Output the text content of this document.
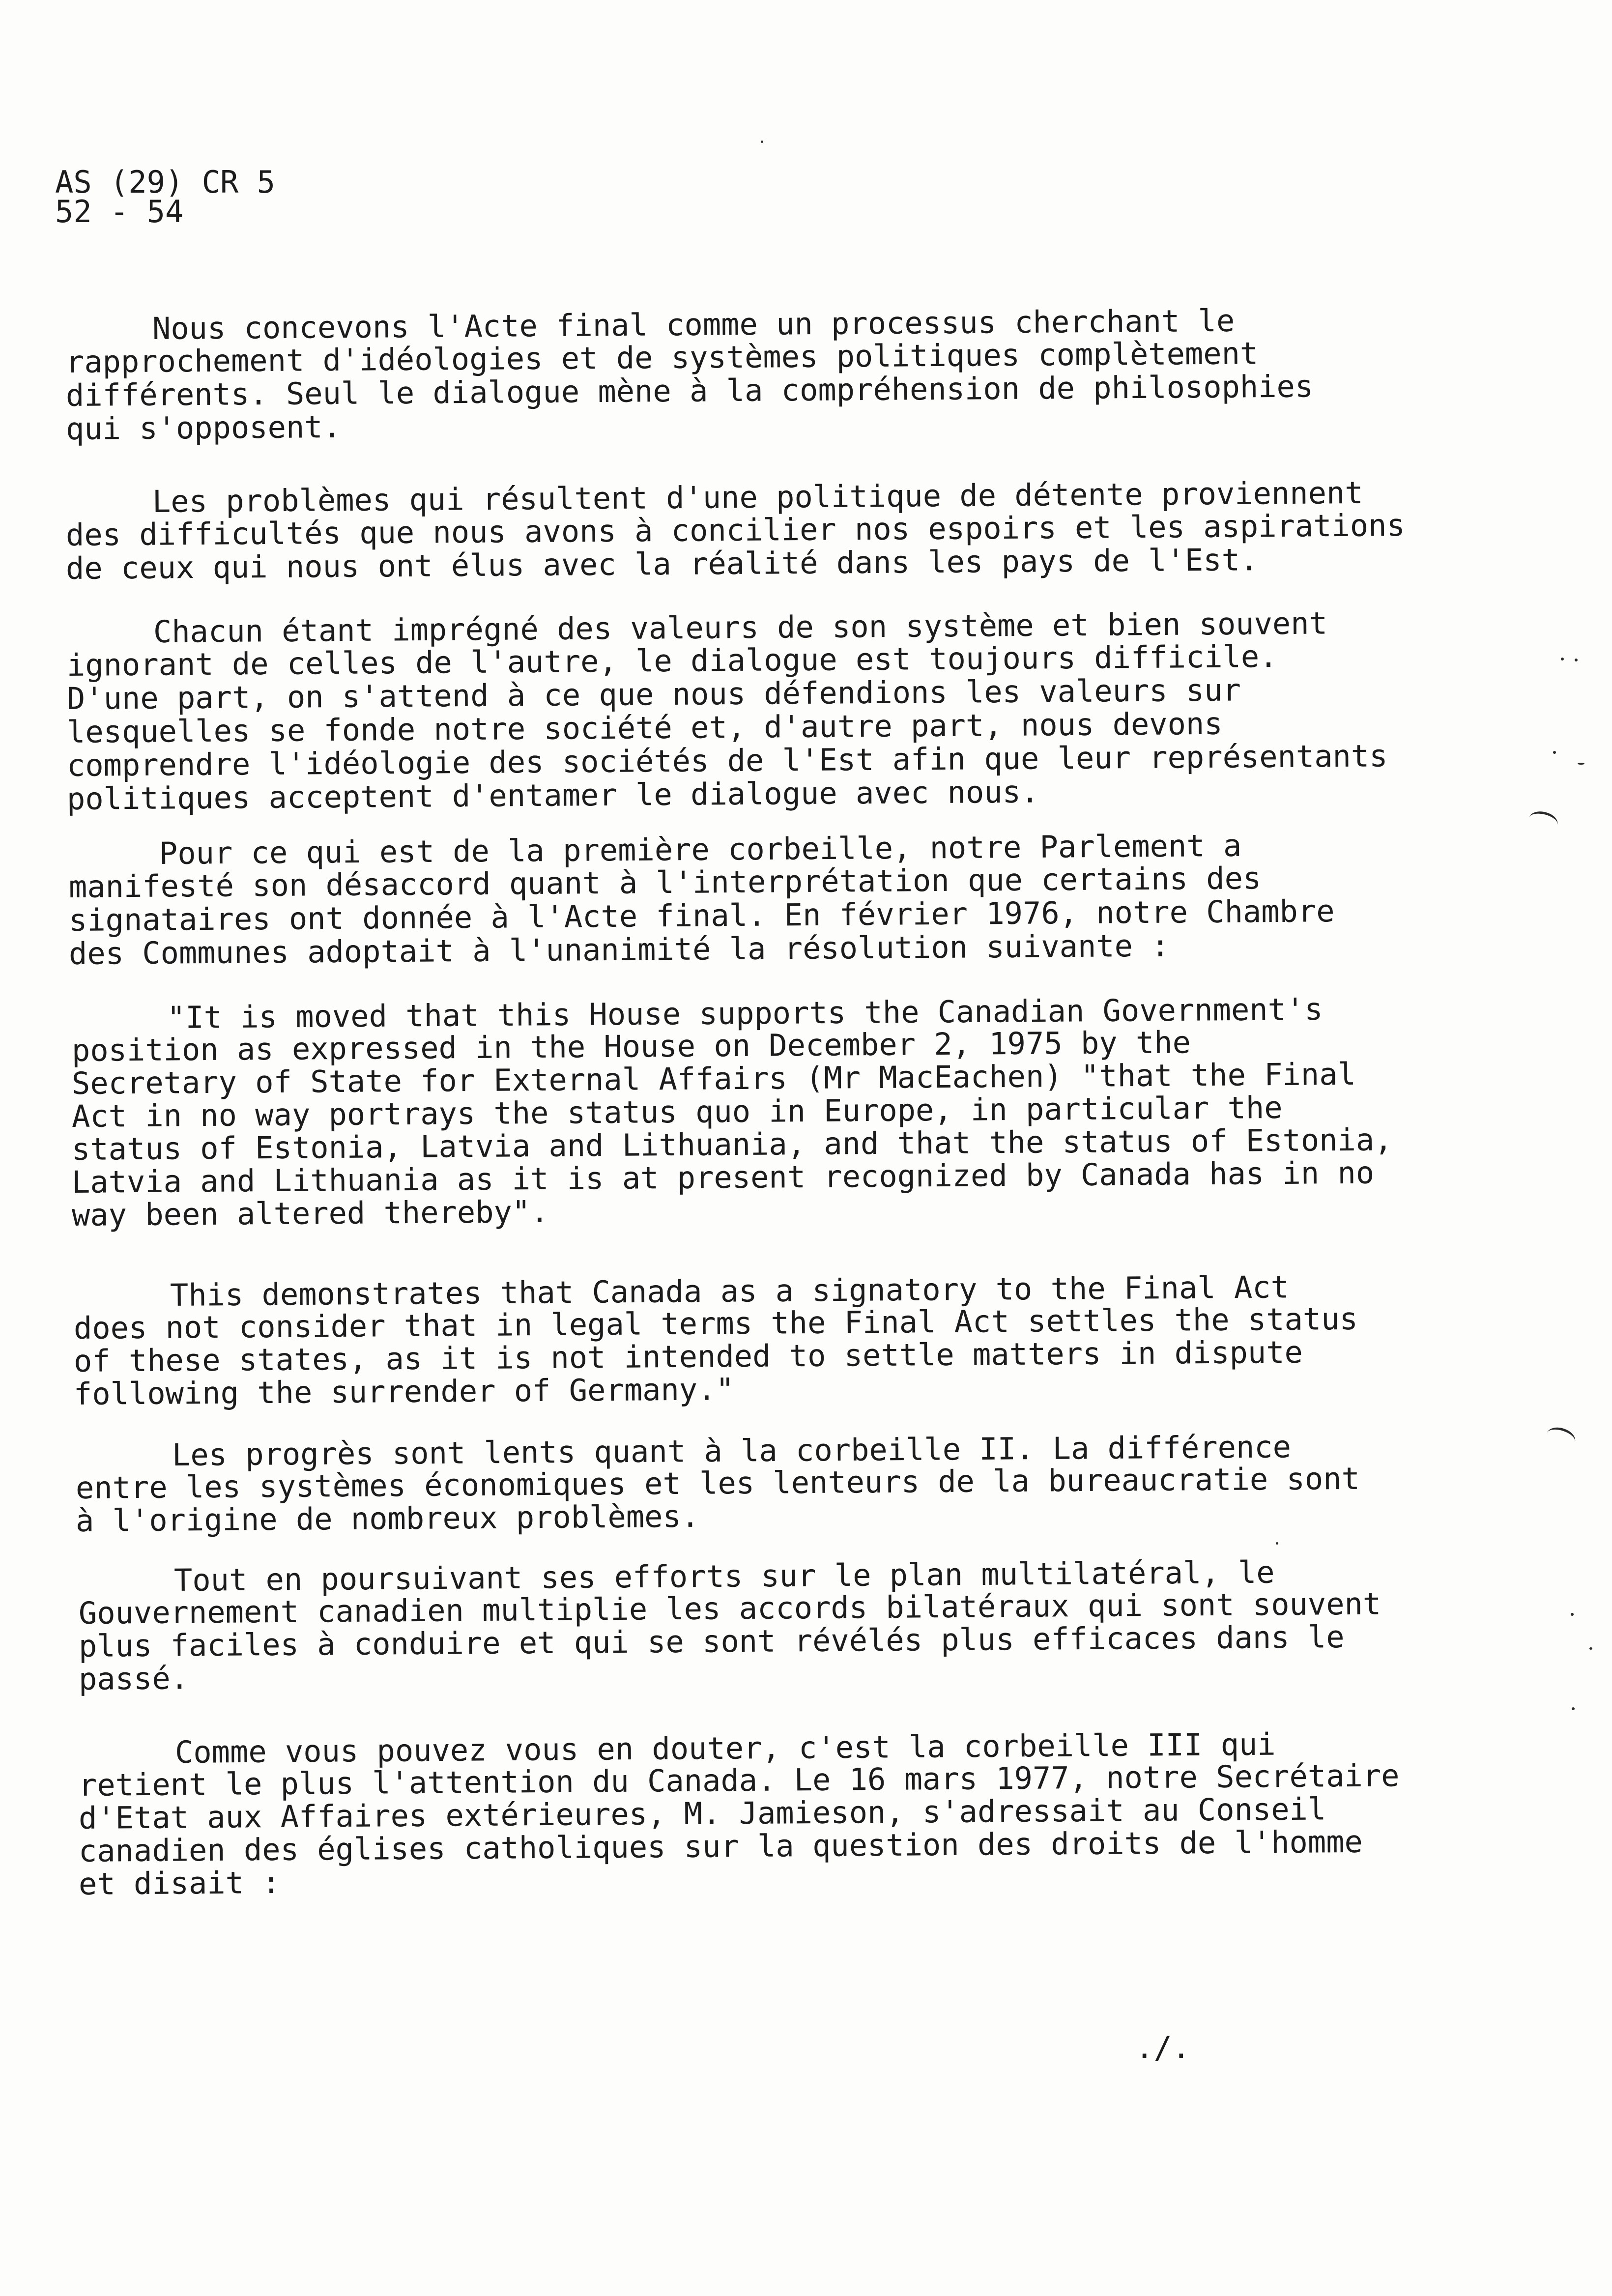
AS (29) CR 5
52 - 54
Nous concevons l'Acte final comme un processus cherchant le
rapprochement d'idéologies et de systèmes politiques complètement
différents. Seul le dialogue mène à la compréhension de philosophies
qui s'opposent.
Les problèmes qui résultent d'une politique de détente proviennent
des difficultés que nous avons à concilier nos espoirs et les aspirations
de ceux qui nous ont élus avec la réalité dans les pays de l'Est.
Chacun étant imprégné des valeurs de son système et bien souvent
ignorant de celles de l'autre, le dialogue est toujours difficile.
D'une part, on s'attend à ce que nous défendions les valeurs sur
lesquelles se fonde notre société et, d'autre part, nous devons
comprendre l'idéologie des sociétés de l'Est afin que leur représentants
politiques acceptent d'entamer le dialogue avec nous.
Pour ce qui est de la première corbeille, notre Parlement a
manifesté son désaccord quant à l'interprétation que certains des
signataires ont donnée à l'Acte final. En février 1976, notre Chambre
des Communes adoptait à l'unanimité la résolution suivante :
"It is moved that this House supports the Canadian Government's
position as expressed in the House on December 2, 1975 by the
Secretary of State for External Affairs (Mr MacEachen) "that the Final
Act in no way portrays the status quo in Europe, in particular the
status of Estonia, Latvia and Lithuania, and that the status of Estonia,
Latvia and Lithuania as it is at present recognized by Canada has in no
way been altered thereby".
This demonstrates that Canada as a signatory to the Final Act
does not consider that in legal terms the Final Act settles the status
of these states, as it is not intended to settle matters in dispute
following the surrender of Germany."
Les progrès sont lents quant à la corbeille II. La différence
entre les systèmes économiques et les lenteurs de la bureaucratie sont
à l'origine de nombreux problèmes.
Tout en poursuivant ses efforts sur le plan multilatéral, le
Gouvernement canadien multiplie les accords bilatéraux qui sont souvent
plus faciles à conduire et qui se sont révélés plus efficaces dans le
passé.
Comme vous pouvez vous en douter, c'est la corbeille III qui
retient le plus l'attention du Canada. Le 16 mars 1977, notre Secrétaire
d'Etat aux Affaires extérieures, M. Jamieson, s'adressait au Conseil
canadien des églises catholiques sur la question des droits de l'homme
et disait :
./.
